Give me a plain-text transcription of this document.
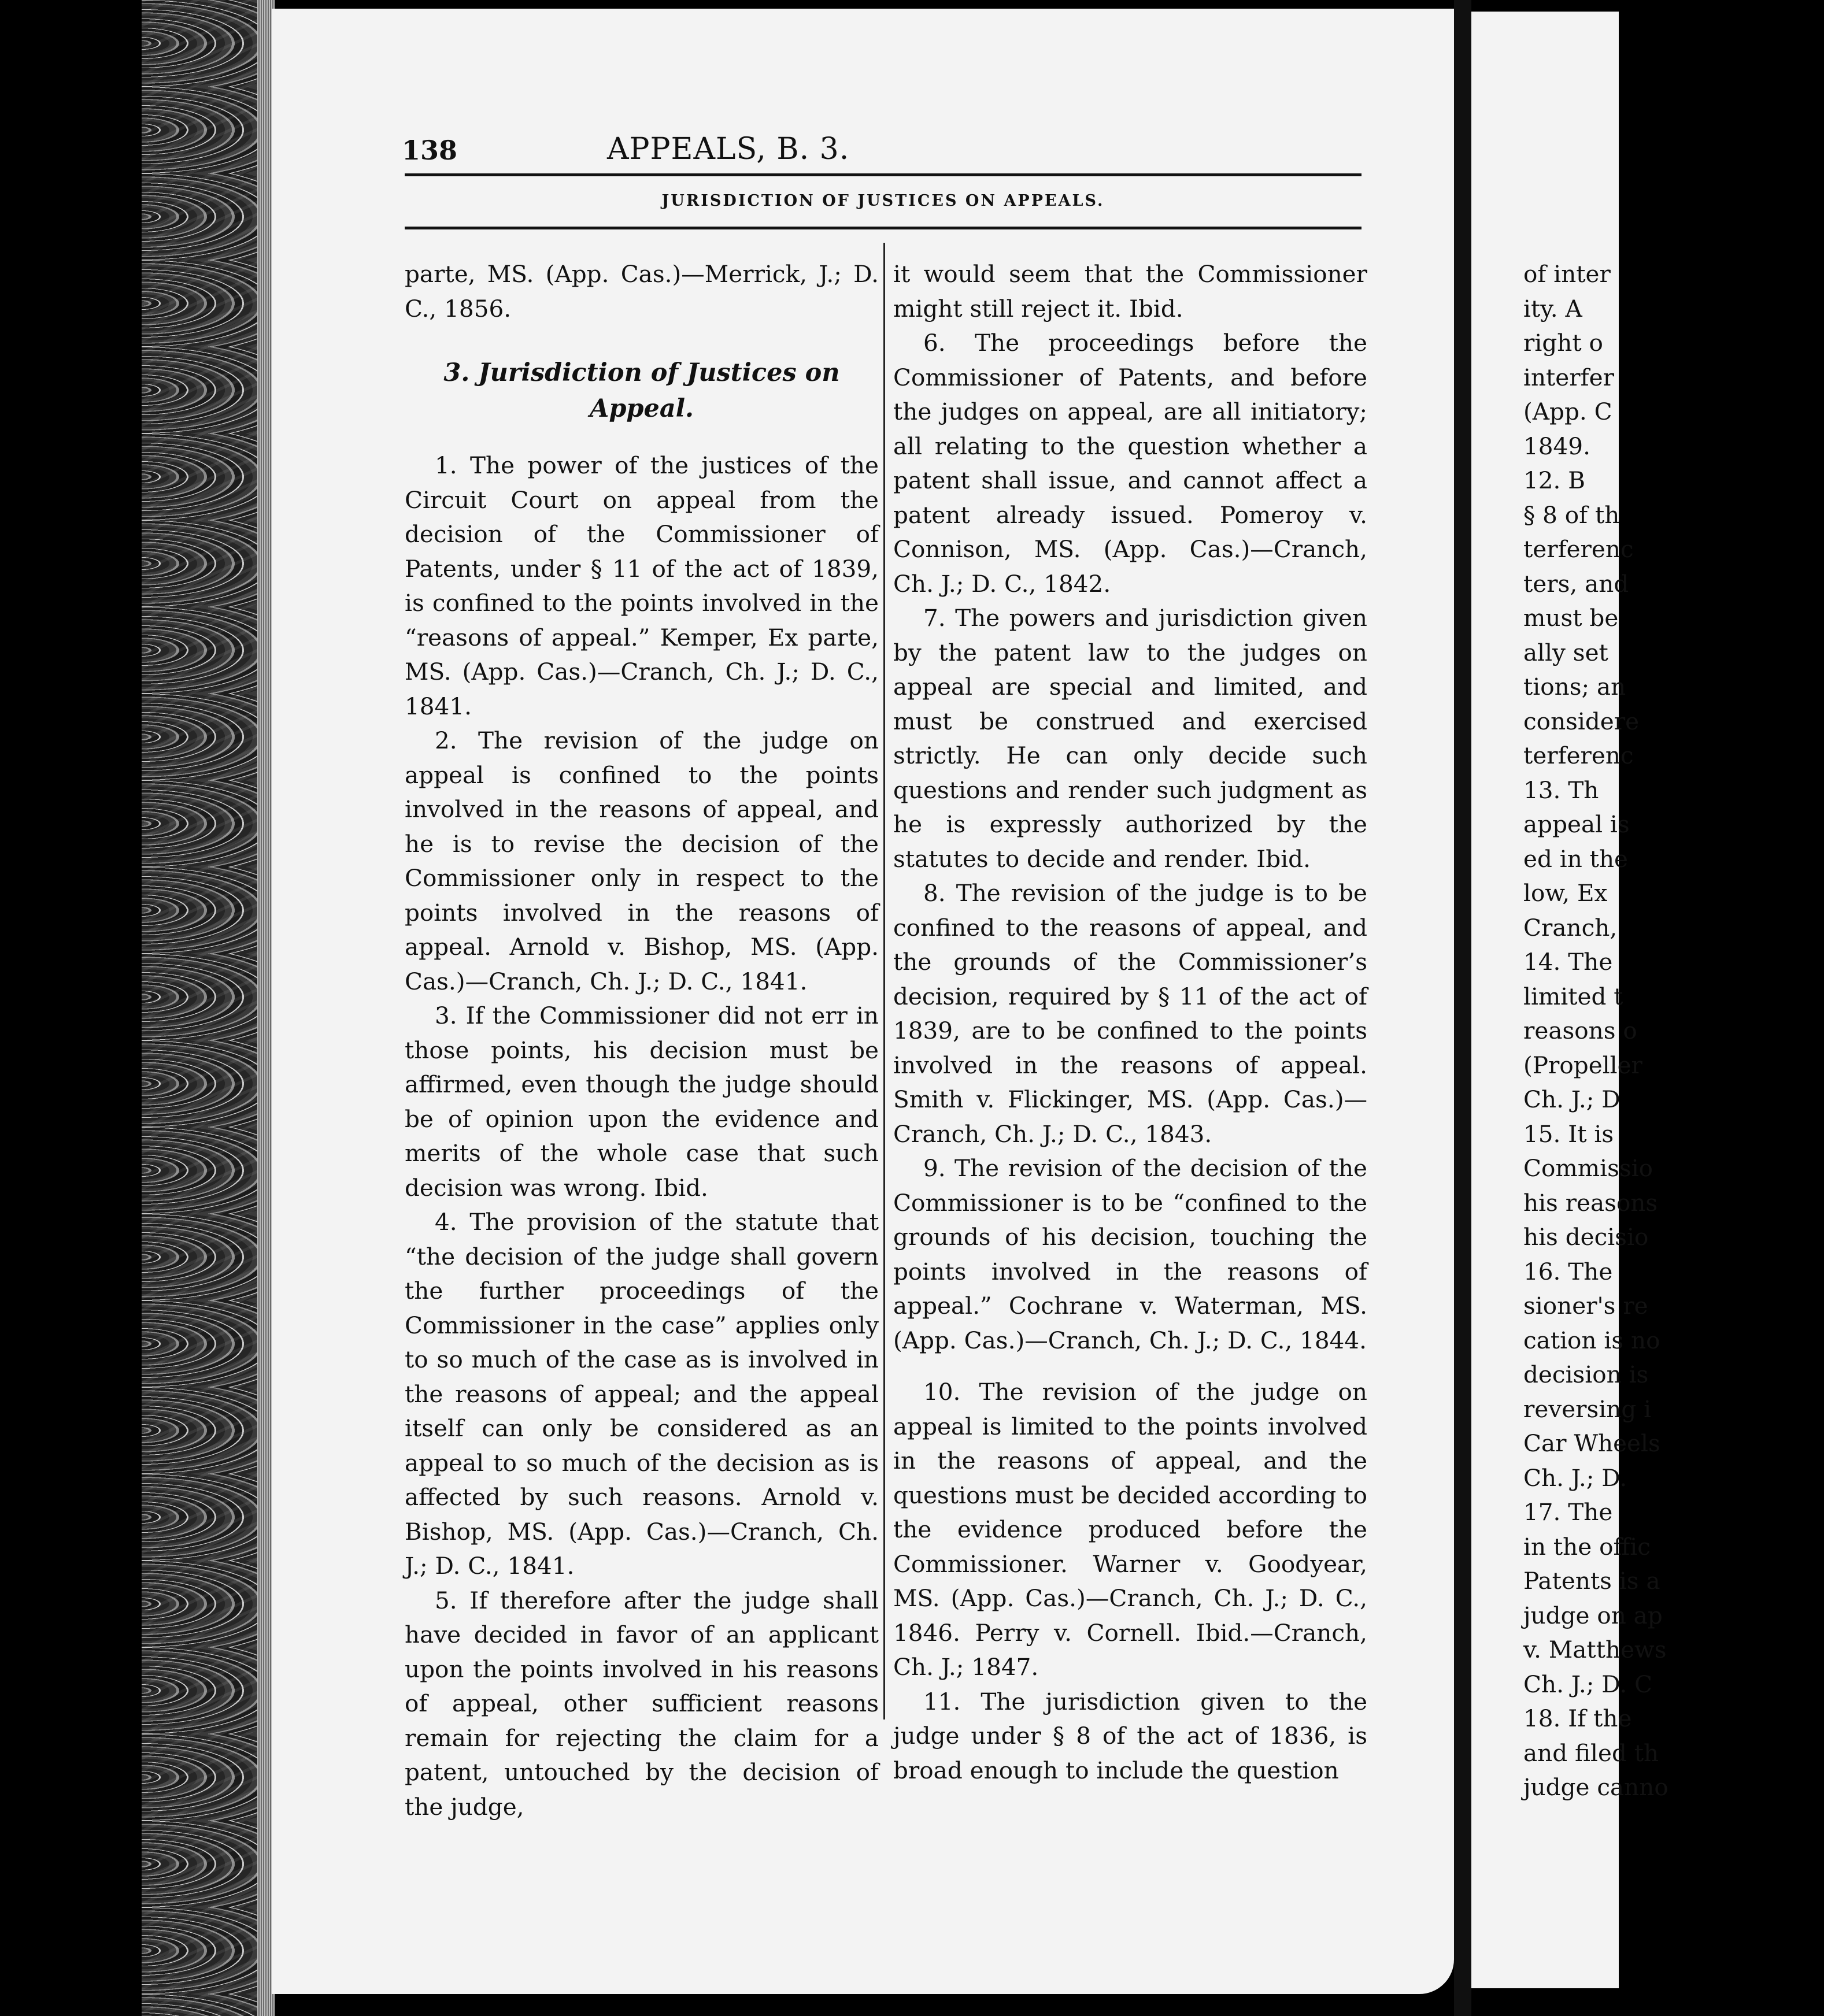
of inter
ity. A
right o
interfer
(App. C
1849.
12. B
§ 8 of th
terferenc
ters, and
must be
ally set
tions; an
considere
terferenc
13. Th
appeal is
ed in the
low, Ex
Cranch,
14. The
limited t
reasons o
(Propeller
Ch. J.; D
15. It is
Commissio
his reasons
his decisio
16. The
sioner's re
cation is no
decision is
reversing i
Car Wheels
Ch. J.; D.
17. The
in the offic
Patents is a
judge on ap
v. Matthews
Ch. J.; D. C
18. If the
and filed th
judge canno
138	APPEALS, B. 3.
JURISDICTION OF JUSTICES ON APPEALS.

parte, MS. (App. Cas.)—Merrick, J.; D. C., 1856.

3. Jurisdiction of Justices on Appeal.

1. The power of the justices of the Circuit Court on appeal from the decision of the Commissioner of Patents, under § 11 of the act of 1839, is confined to the points involved in the “reasons of appeal.” Kemper, Ex parte, MS. (App. Cas.)—Cranch, Ch. J.; D. C., 1841.

2. The revision of the judge on appeal is confined to the points involved in the reasons of appeal, and he is to revise the decision of the Commissioner only in respect to the points involved in the reasons of appeal. Arnold v. Bishop, MS. (App. Cas.)—Cranch, Ch. J.; D. C., 1841.

3. If the Commissioner did not err in those points, his decision must be affirmed, even though the judge should be of opinion upon the evidence and merits of the whole case that such decision was wrong. Ibid.

4. The provision of the statute that “the decision of the judge shall govern the further proceedings of the Commissioner in the case” applies only to so much of the case as is involved in the reasons of appeal; and the appeal itself can only be considered as an appeal to so much of the decision as is affected by such reasons. Arnold v. Bishop, MS. (App. Cas.)—Cranch, Ch. J.; D. C., 1841.

5. If therefore after the judge shall have decided in favor of an applicant upon the points involved in his reasons of appeal, other sufficient reasons remain for rejecting the claim for a patent, untouched by the decision of the judge,

it would seem that the Commissioner might still reject it. Ibid.

6. The proceedings before the Commissioner of Patents, and before the judges on appeal, are all initiatory; all relating to the question whether a patent shall issue, and cannot affect a patent already issued. Pomeroy v. Connison, MS. (App. Cas.)—Cranch, Ch. J.; D. C., 1842.

7. The powers and jurisdiction given by the patent law to the judges on appeal are special and limited, and must be construed and exercised strictly. He can only decide such questions and render such judgment as he is expressly authorized by the statutes to decide and render. Ibid.

8. The revision of the judge is to be confined to the reasons of appeal, and the grounds of the Commissioner’s decision, required by § 11 of the act of 1839, are to be confined to the points involved in the reasons of appeal. Smith v. Flickinger, MS. (App. Cas.)—Cranch, Ch. J.; D. C., 1843.

9. The revision of the decision of the Commissioner is to be “confined to the grounds of his decision, touching the points involved in the reasons of appeal.” Cochrane v. Waterman, MS. (App. Cas.)—Cranch, Ch. J.; D. C., 1844.

10. The revision of the judge on appeal is limited to the points involved in the reasons of appeal, and the questions must be decided according to the evidence produced before the Commissioner. Warner v. Goodyear, MS. (App. Cas.)—Cranch, Ch. J.; D. C., 1846. Perry v. Cornell. Ibid.—Cranch, Ch. J.; 1847.

11. The jurisdiction given to the judge under § 8 of the act of 1836, is broad enough to include the question
